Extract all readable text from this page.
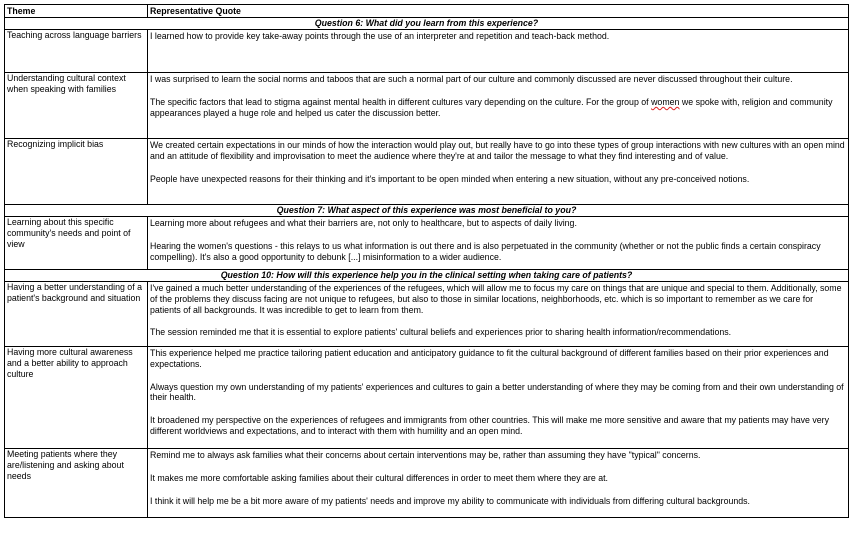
Theme	Representative Quote
Question 6: What did you learn from this experience?	
Teaching across language barriers	I learned how to provide key take-away points through the use of an interpreter and repetition and teach-back method.

Understanding cultural context when speaking with families	I was surprised to learn the social norms and taboos that are such a normal part of our culture and commonly discussed are never discussed throughout their culture.

The specific factors that lead to stigma against mental health in different cultures vary depending on the culture. For the group of women we spoke with, religion and community appearances played a huge role and helped us cater the discussion better.

Recognizing implicit bias	We created certain expectations in our minds of how the interaction would play out, but really have to go into these types of group interactions with new cultures with an open mind and an attitude of flexibility and improvisation to meet the audience where they're at and tailor the message to what they find interesting and of value.

People have unexpected reasons for their thinking and it's important to be open minded when entering a new situation, without any pre-conceived notions.

Question 7: What aspect of this experience was most beneficial to you?	
Learning about this specific community's needs and point of view	Learning more about refugees and what their barriers are, not only to healthcare, but to aspects of daily living.

Hearing the women's questions - this relays to us what information is out there and is also perpetuated in the community (whether or not the public finds a certain conspiracy compelling). It's also a good opportunity to debunk [...] misinformation to a wider audience.

Question 10: How will this experience help you in the clinical setting when taking care of patients?	
Having a better understanding of a patient's background and situation	I've gained a much better understanding of the experiences of the refugees, which will allow me to focus my care on things that are unique and special to them. Additionally, some of the problems they discuss facing are not unique to refugees, but also to those in similar locations, neighborhoods, etc. which is so important to remember as we care for patients of all backgrounds. It was incredible to get to learn from them.

The session reminded me that it is essential to explore patients' cultural beliefs and experiences prior to sharing health information/recommendations.

Having more cultural awareness and a better ability to approach culture	This experience helped me practice tailoring patient education and anticipatory guidance to fit the cultural background of different families based on their prior experiences and expectations.

Always question my own understanding of my patients' experiences and cultures to gain a better understanding of where they may be coming from and their own understanding of their health.

It broadened my perspective on the experiences of refugees and immigrants from other countries. This will make me more sensitive and aware that my patients may have very different worldviews and expectations, and to interact with them with humility and an open mind.

Meeting patients where they are/listening and asking about needs	Remind me to always ask families what their concerns about certain interventions may be, rather than assuming they have "typical" concerns.

It makes me more comfortable asking families about their cultural differences in order to meet them where they are at.

I think it will help me be a bit more aware of my patients' needs and improve my ability to communicate with individuals from differing cultural backgrounds.
